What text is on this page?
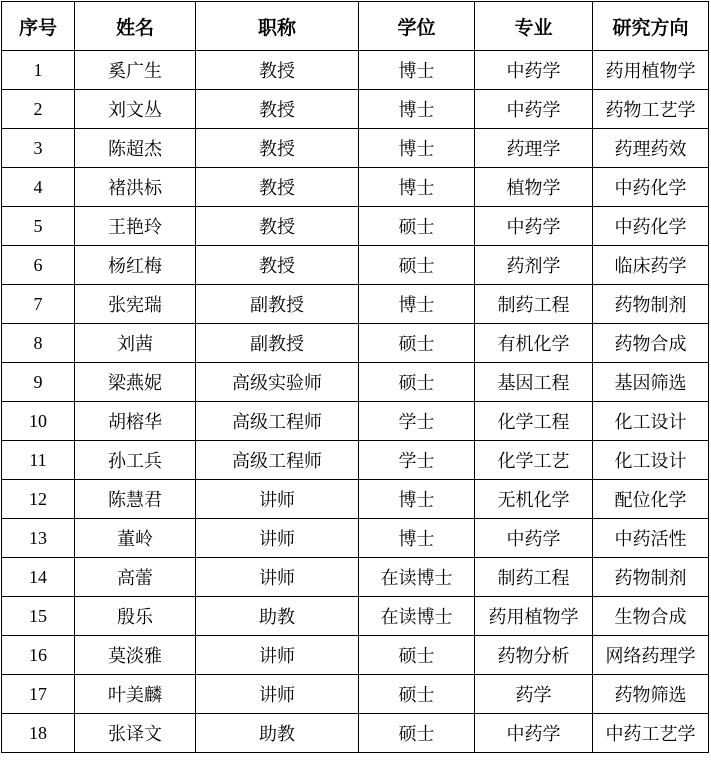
序号	姓名	职称	学位	专业	研究方向
1	奚广生	教授	博士	中药学	药用植物学
2	刘文丛	教授	博士	中药学	药物工艺学
3	陈超杰	教授	博士	药理学	药理药效
4	褚洪标	教授	博士	植物学	中药化学
5	王艳玲	教授	硕士	中药学	中药化学
6	杨红梅	教授	硕士	药剂学	临床药学
7	张宪瑞	副教授	博士	制药工程	药物制剂
8	刘茜	副教授	硕士	有机化学	药物合成
9	梁燕妮	高级实验师	硕士	基因工程	基因筛选
10	胡榕华	高级工程师	学士	化学工程	化工设计
11	孙工兵	高级工程师	学士	化学工艺	化工设计
12	陈慧君	讲师	博士	无机化学	配位化学
13	董岭	讲师	博士	中药学	中药活性
14	高蕾	讲师	在读博士	制药工程	药物制剂
15	殷乐	助教	在读博士	药用植物学	生物合成
16	莫淡雅	讲师	硕士	药物分析	网络药理学
17	叶美麟	讲师	硕士	药学	药物筛选
18	张译文	助教	硕士	中药学	中药工艺学
